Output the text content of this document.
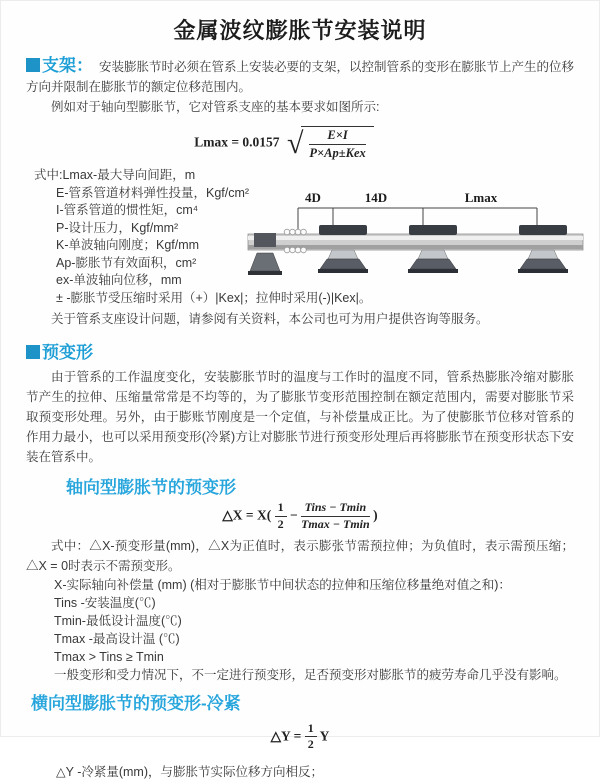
金属波纹膨胀节安装说明

支架： 安装膨胀节时必须在管系上安装必要的支架，以控制管系的变形在膨胀节上产生的位移方向并限制在膨胀节的额定位移范围内。

例如对于轴向型膨胀节，它对管系支座的基本要求如图所示:

Lmax = 0.0157 √
$\frac{E\times I}{\text{P×Ap±Kex}}$
式中:Lmax-最大导向间距，m
E-管系管道材料弹性投量，Kgf/cm²
I-管系管道的惯性矩，cm⁴
P-设计压力，Kgf/mm²
K-单波轴向刚度；Kgf/mm
Ap-膨胀节有效面积，cm²
ex-单波轴向位移，mm
± -膨胀节受压缩时采用（+）|Kex|；拉伸时采用(-)|Kex|。

关于管系支座设计问题，请参阅有关资料，本公司也可为用户提供咨询等服务。

预变形

由于管系的工作温度变化，安装膨胀节时的温度与工作时的温度不同，管系热膨胀冷缩对膨胀节产生的拉伸、压缩量常常是不均等的，为了膨胀节变形范围控制在额定范围内，需要对膨胀节采取预变形处理。另外，由于膨账节刚度是一个定值，与补偿量成正比。为了使膨胀节位移对管系的作用力最小，也可以采用预变形(冷紧)方让对膨胀节进行预变形处理后再将膨胀节在预变形状态下安装在管系中。

轴向型膨胀节的预变形
△X = $X( \frac{1}{2} - \frac{\text{Tins − Tmin}}{Tmax - Tmin}$ )

式中：△X-预变形量(mm)，△X为正值时，表示膨张节需预拉伸；为负值时，表示需预压缩；△X = 0时表示不需预变形。

X-实际轴向补偿量 (mm) (相对于膨胀节中间状态的拉伸和压缩位移量绝对值之和)：
Tins -安装温度(℃)
Tmin-最低设计温度(℃)
Tmax -最高设计温 (℃)
Tmax > Tins ≥ Tmin
一般变形和受力情况下，不一定进行预变形，足否预变形对膨胀节的疲劳寿命几乎没有影响。
横向型膨胀节的预变形-冷紧
△Y = $\frac{1}{2}$ Y

△Y -冷紧量(mm)，与膨胀节实际位移方向相反；

4D	14D	Lmax
